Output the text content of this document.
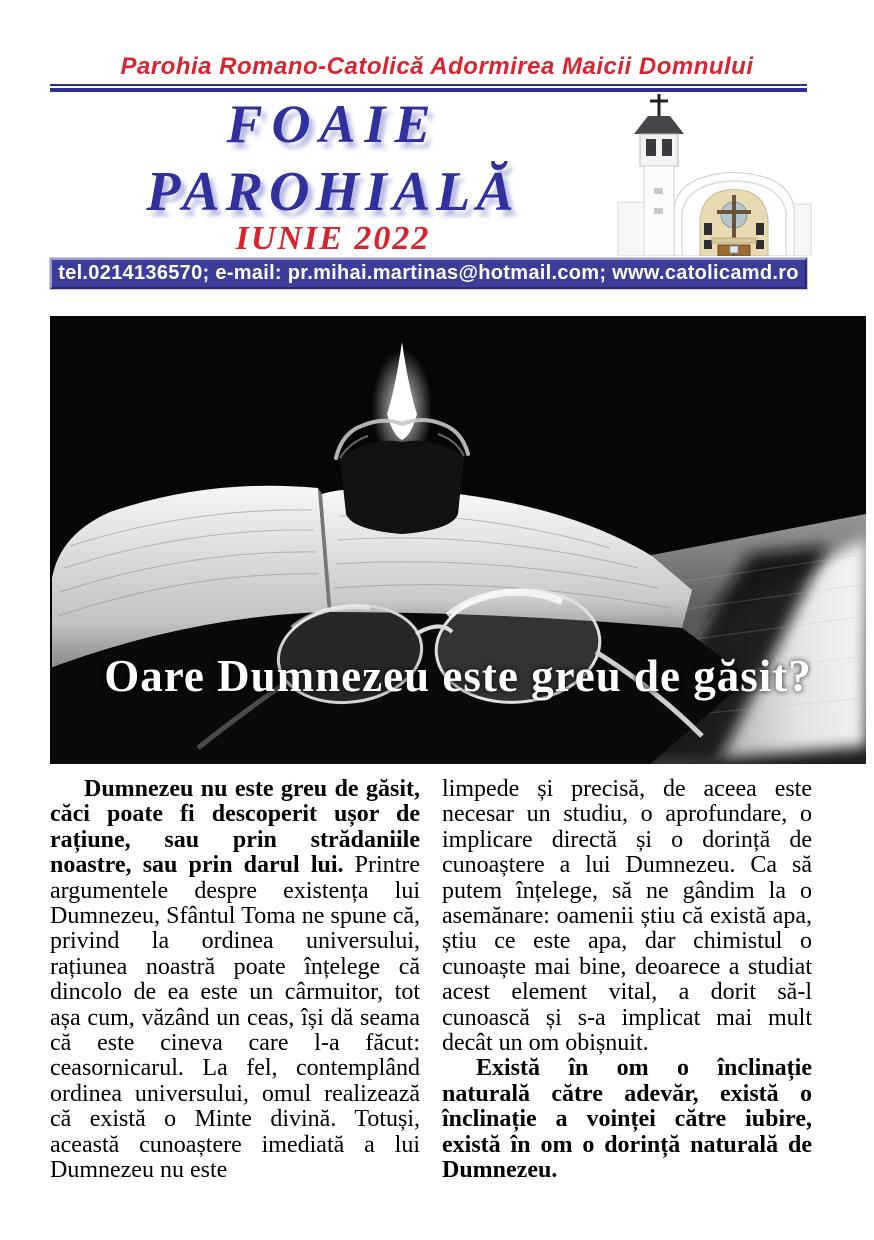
Parohia Romano-Catolică Adormirea Maicii Domnului
FOAIE
PAROHIALĂ
IUNIE 2022
tel.0214136570; e-mail: pr.mihai.martinas@hotmail.com; www.catolicamd.ro
Oare Dumnezeu este greu de găsit?

Dumnezeu nu este greu de găsit, căci poate fi descoperit ușor de rațiune, sau prin strădaniile noastre, sau prin darul lui. Printre argumentele despre existența lui Dumnezeu, Sfântul Toma ne spune că, privind la ordinea universului, rațiunea noastră poate înțelege că dincolo de ea este un cârmuitor, tot așa cum, văzând un ceas, își dă seama că este cineva care l-a făcut: ceasornicarul. La fel, contemplând ordinea universului, omul realizează că există o Minte divină. Totuși, această cunoaștere imediată a lui Dumnezeu nu este

limpede și precisă, de aceea este necesar un studiu, o aprofundare, o implicare directă și o dorință de cunoaștere a lui Dumnezeu. Ca să putem înțelege, să ne gândim la o asemănare: oamenii știu că există apa, știu ce este apa, dar chimistul o cunoaște mai bine, deoarece a studiat acest element vital, a dorit să-l cunoască și s-a implicat mai mult decât un om obișnuit.

Există în om o înclinație naturală către adevăr, există o înclinație a voinței către iubire, există în om o dorință naturală de Dumnezeu.
